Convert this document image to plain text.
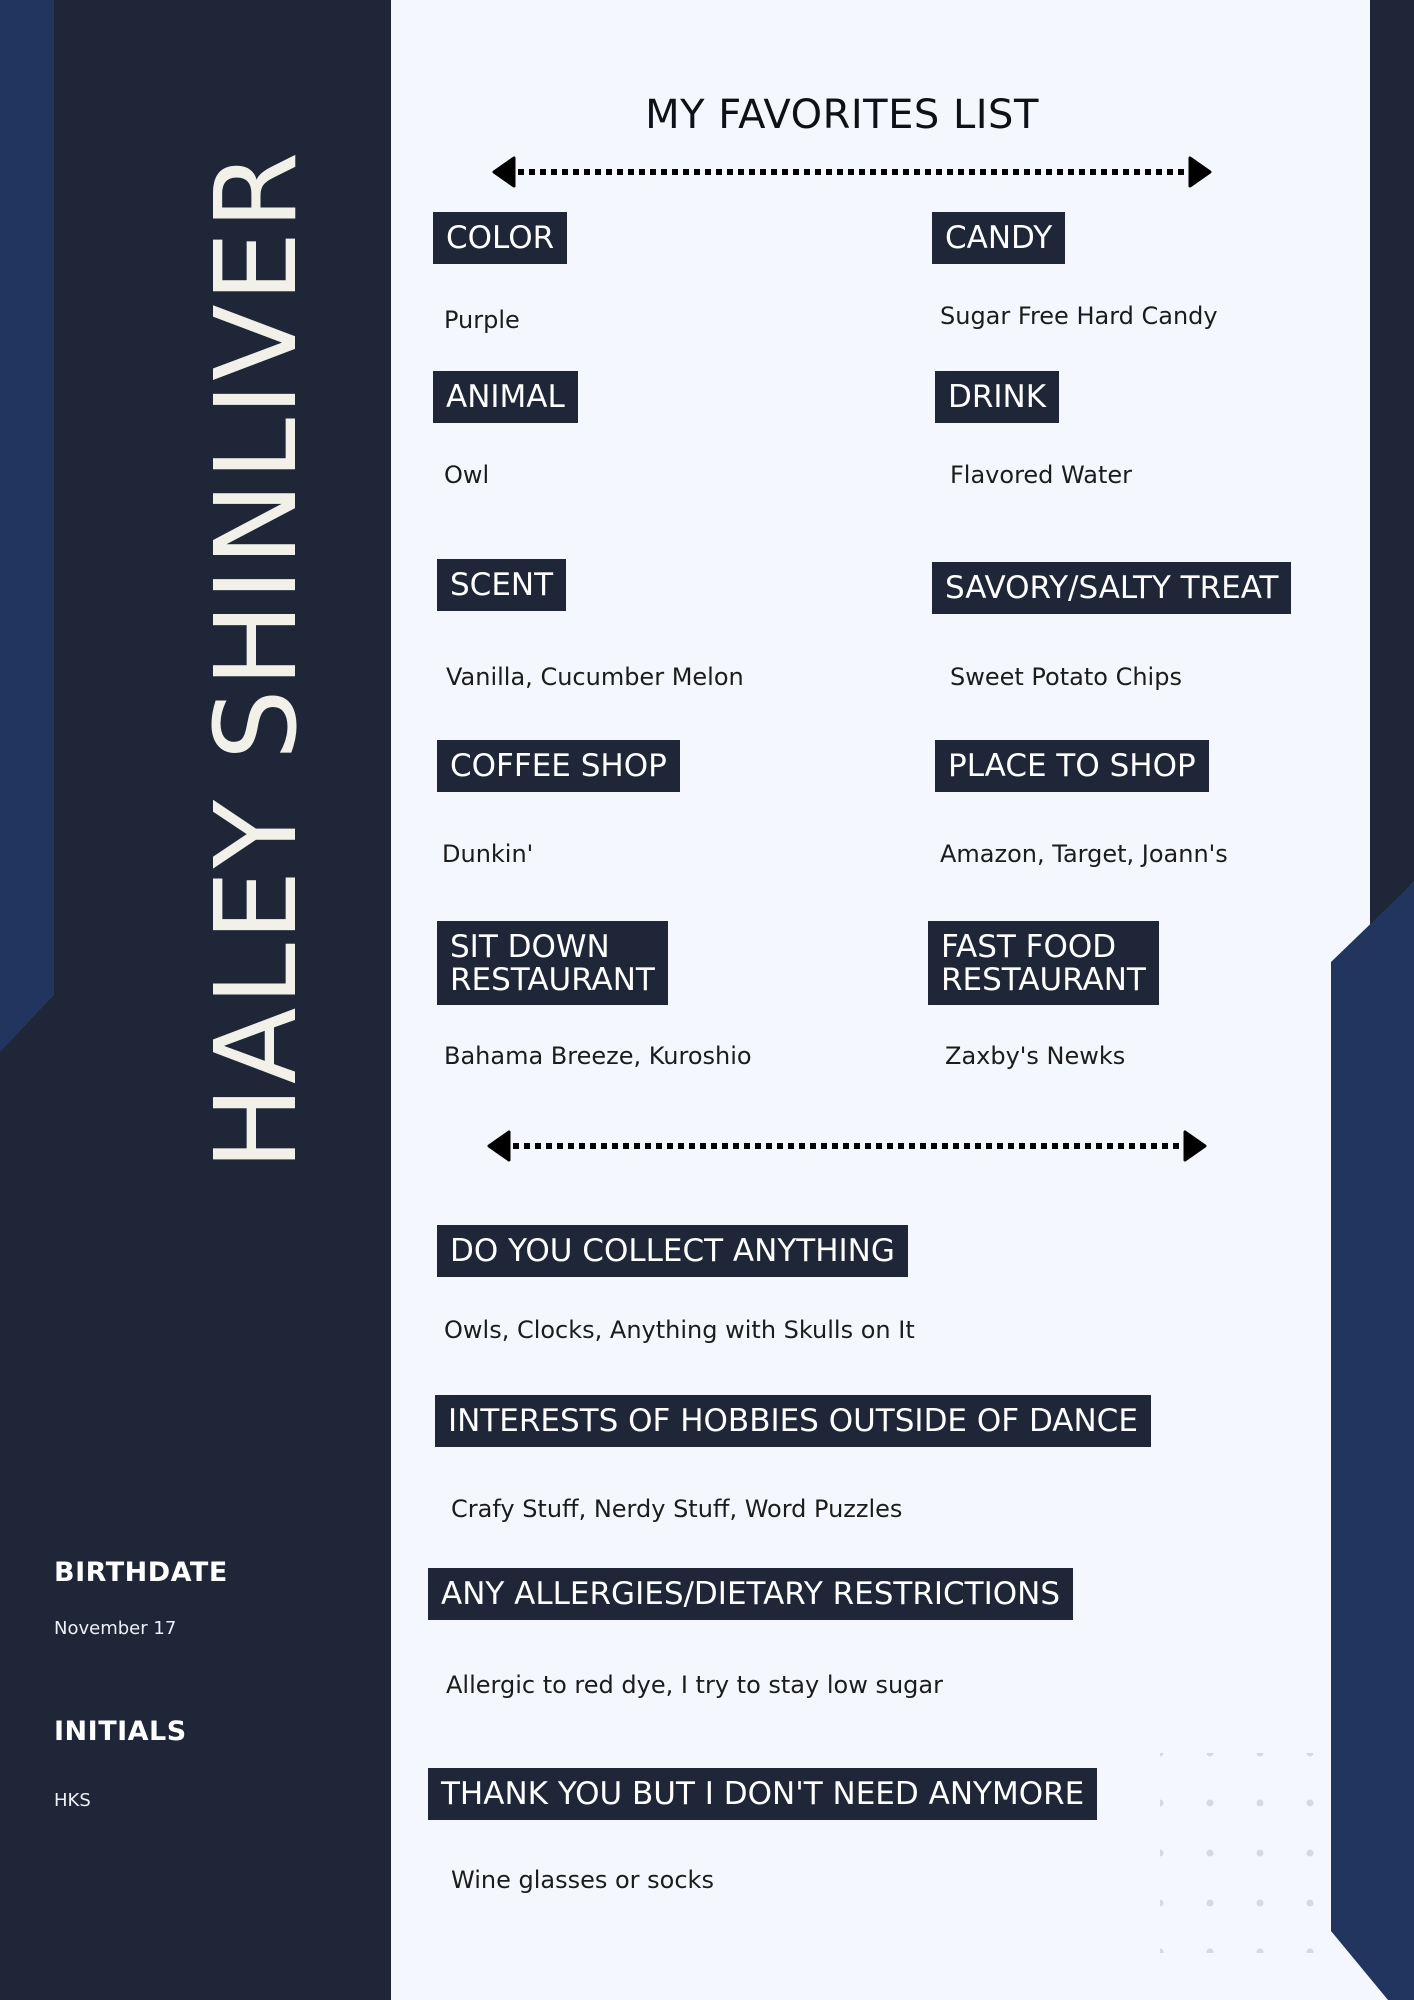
HALEY SHINLIVER
BIRTHDATE
November 17
INITIALS
HKS
MY FAVORITES LIST
COLOR
Purple
CANDY
Sugar Free Hard Candy
ANIMAL
Owl
DRINK
Flavored Water
SCENT
Vanilla, Cucumber Melon
SAVORY/SALTY TREAT
Sweet Potato Chips
COFFEE SHOP
Dunkin'
PLACE TO SHOP
Amazon, Target, Joann's
SIT DOWN
RESTAURANT
Bahama Breeze, Kuroshio
FAST FOOD
RESTAURANT
Zaxby's Newks
DO YOU COLLECT ANYTHING
Owls, Clocks, Anything with Skulls on It
INTERESTS OF HOBBIES OUTSIDE OF DANCE
Crafy Stuff, Nerdy Stuff, Word Puzzles
ANY ALLERGIES/DIETARY RESTRICTIONS
Allergic to red dye, I try to stay low sugar
THANK YOU BUT I DON'T NEED ANYMORE
Wine glasses or socks
